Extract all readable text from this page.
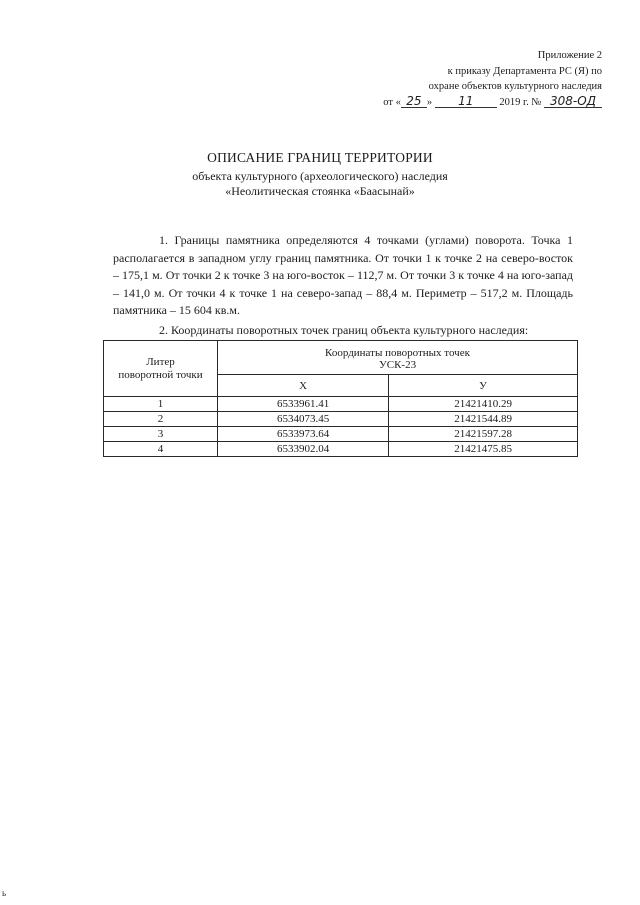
Приложение 2
к приказу Департамента РС (Я) по
охране объектов культурного наследия
от « 25 » 11 2019 г. № 308-ОД
ОПИСАНИЕ ГРАНИЦ ТЕРРИТОРИИ
объекта культурного (археологического) наследия
«Неолитическая стоянка «Баасынай»

1. Границы памятника определяются 4 точками (углами) поворота. Точка 1 располагается в западном углу границ памятника. От точки 1 к точке 2 на северо-восток – 175,1 м. От точки 2 к точке 3 на юго-восток – 112,7 м. От точки 3 к точке 4 на юго-запад – 141,0 м. От точки 4 к точке 1 на северо-запад – 88,4 м. Периметр – 517,2 м. Площадь памятника – 15 604 кв.м.

2. Координаты поворотных точек границ объекта культурного наследия:

Литер
поворотной точки	Координаты поворотных точек
УСК-23	
	X	У
1	6533961.41	21421410.29
2	6534073.45	21421544.89
3	6533973.64	21421597.28
4	6533902.04	21421475.85
ь
